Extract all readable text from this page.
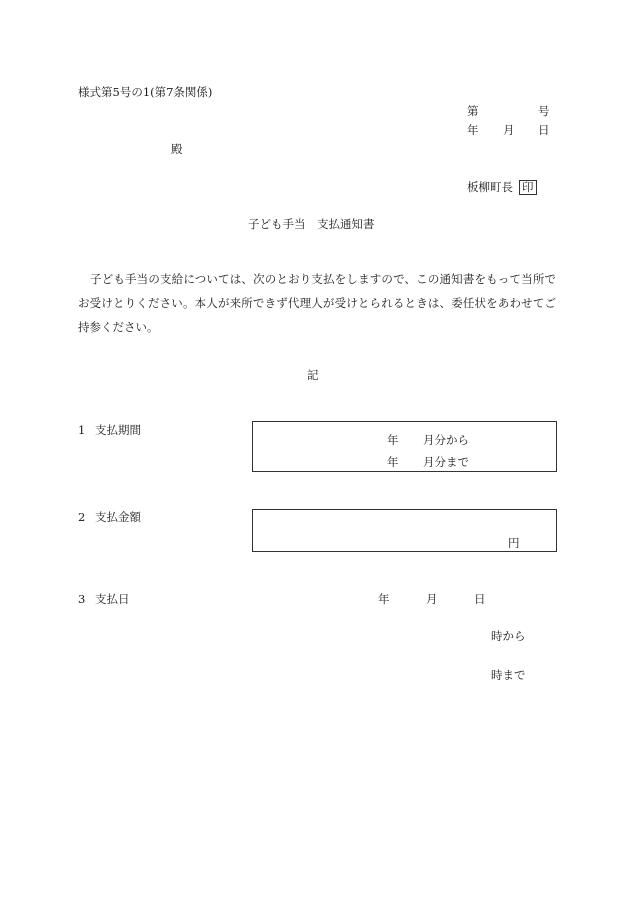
様式第5号の1(第7条関係)
第	号
年 月 日
殿
板柳町長 印
子ども手当　支払通知書
子ども手当の支給については、次のとおり支払をしますので、この通知書をもって当所でお受けとりください。本人が来所できず代理人が受けとられるときは、委任状をあわせてご持参ください。
記
1 支払期間
年 月分から
年 月分まで
2 支払金額
円
3 支払日	年	月	日
時から
時まで
